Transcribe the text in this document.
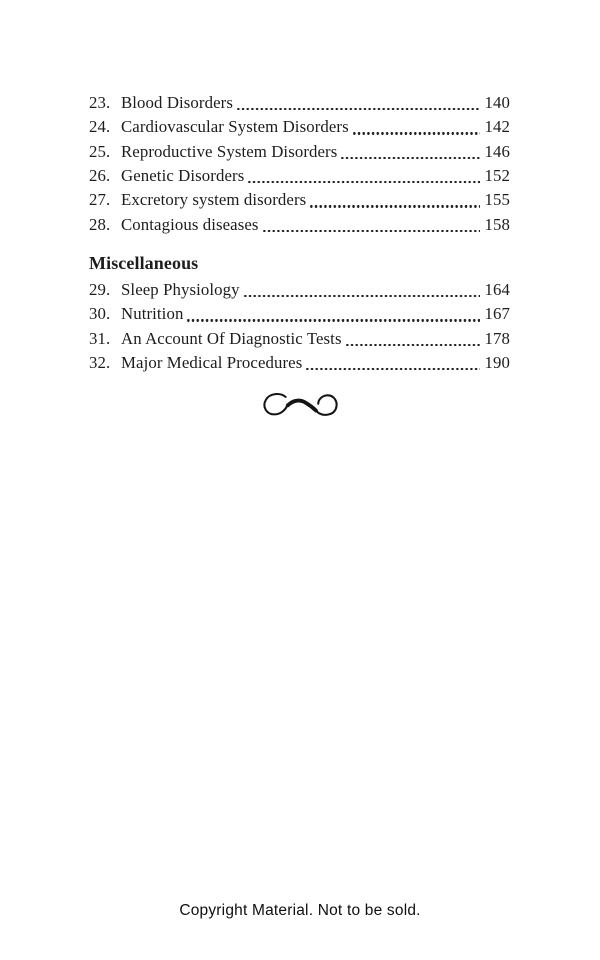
23. Blood Disorders	140
24. Cardiovascular System Disorders	142
25. Reproductive System Disorders	146
26. Genetic Disorders	152
27. Excretory system disorders	155
28. Contagious diseases	158
Miscellaneous
29. Sleep Physiology	164
30. Nutrition	167
31. An Account Of Diagnostic Tests	178
32. Major Medical Procedures	190
Copyright Material. Not to be sold.
